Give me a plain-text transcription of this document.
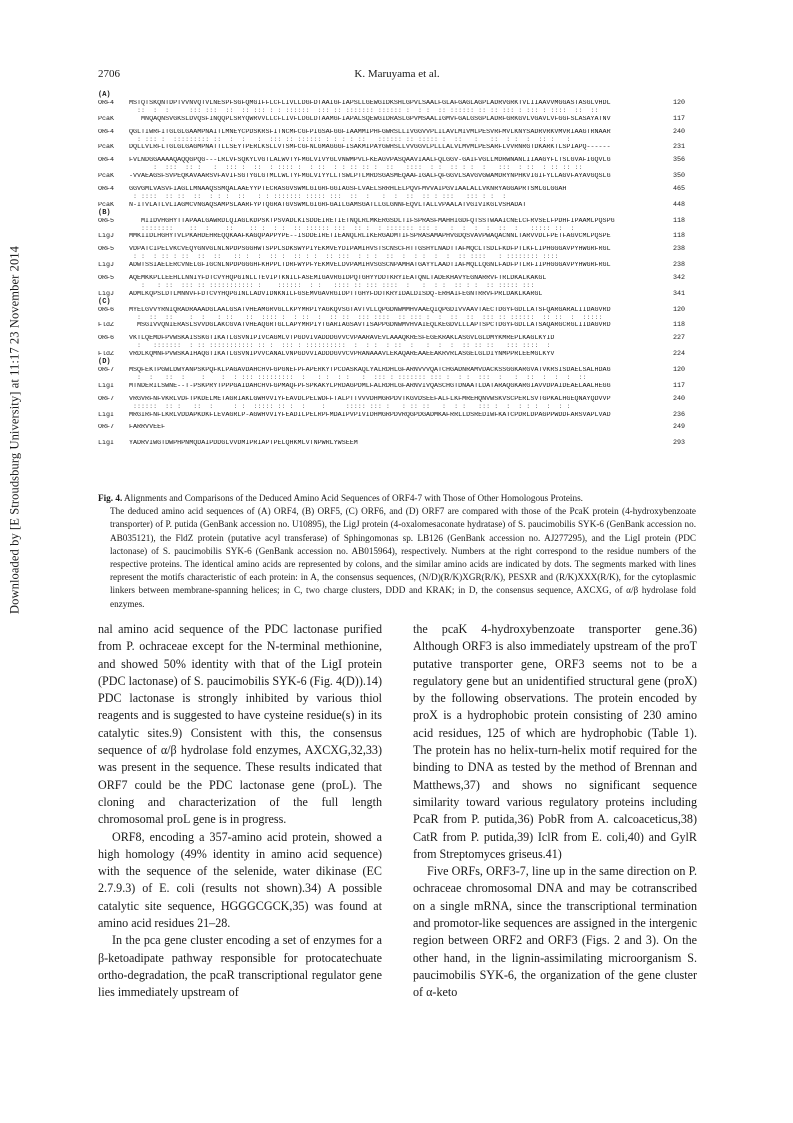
Downloaded by [E Stroudsburg University] at 11:17 23 November 2014
2706	K. Maruyama et al.
(A)
ORF4	MSTQTSKQNTDPTVVNVQTVLNESPFSGFQMGIFFLCFLIVLLDGFDTAAIGFIAPSLLGEWGIDKSHLGPVLSAALFGLAFGAGLAGPLADRVGRKTVLIIAAVVMGGASTASGLVHDL	120
::  :  :     ::: :::  ::  :: ::: : : ::::::  ::: :: ::::::: :::::: :  : :  :: :::::: :: :: ::: : ::: : ::::  ::  ::
PcaK	MNQAQNSVGKSLDVQSFINQQPLSRYQWRVVLLCFLIVFLDGLDTAAMGFIAPALSQEWGIDRASLGPVMSAALIGMVFGALGSGPLADRFGRKGVLVGAVLVFGGFSLASAYATNV	117
ORF4	QGLTIWRFITGLGLGAAMPNAITLMNEYCPDSKRSFITNCMFCGFPIGSAFGGFIAAMMIPHFGWRSLLIVGGVVPLILAVLMIVMLPESVRFMVLKNYSADRVRKVMVRIAAGTRNAAR	240
: ::: :  ::::::::: ::  :  :   :  ::: :: :::::: : : : : ::   :::::: :: ::::: :  ::   :   ::  : :  :  :: :   :
PcaK	DQLLVLRFLTGLGLGAGMPNATTLLSEYTPERLKSLLVTSMFCGFNLGMAGGGFISAKMIPAYGWHSLLVVGGVLPLLLALVLMVMLPESARFLVVRNRGTDKARKTLSPIAPQ------	231
ORF4	FVLNDGGAAAAQAQQGPQG---LRLVFSQKYLVGTLALWVTYFMGLVIVYGLVNWMPVLFKEAGVPASQAAVIAALFQLGGV-GAIFVGLLMDRWNANLIIAAGYFLTSLGVAFIGQVLG	356
:  :::  :: :   :  ::: :  ::  : :::: :  : ::  : : :: :: :  ::   ::::  : :  :: : :  :   :::  : ::  : :: :: ::
PcaK	-VVAEAGSFSVPEQKAVAARSVFAVIFSGTYGLGTMLLWLTYFMGLVIYYLLTSWLPTLMRDSGASMEQAAFIGALFQFGGVLSAVGVGWAMDRYNPHKVIGIFYLLAGVFAYAVGQSLG	350
ORF4	GGVGMLVASVFIAGLLMNAAQSSMQALAAEYYPTECRASGVSWMLGIGRFGGIAGSFLVAELSRRHLELPQVFMVVAIPGVIAALALLVKNRYAGGAPRTSMLGLGGAH	465
: ::::  :: ::  ::  : : :  ::   : : ::::::: ::::: :::  ::  :   :  :  ::  :: : :::   ::: : :  :
PcaK	N-ITVLATLVLIAGMCVNGAQSAMPSLAARFYPTQGRATGVSWMLGIGRFGAILGAMSGATLLGLGNNFEQVLTALLVPAALATVGIVIKGLVSHADAT	448
(B)
ORF5	MIIDVHGHYTTAPAALGAWRDLQIAGLKDPSKTPSVADLKISDDEIRETIETNQLRLMKERGSDLTIFSPRASFMAHHIGDFQTSSTWAAICNELCFRVSELFPDHFIPAAMLPQSPG	118
::::::::    ::  :    ::    :: :  : :  :: :::::: :::  :: :  : ::::::: ::: :   :  :  :  :  ::  :   ::::: ::  :
LigJ	MMKIIDLHGHYTVLPKAHDEHREQQKAAFKAGQPAPPYPE--ISDDEIRETIEANQLRLIKERGADMTIFSPRASAMAPHVGDQSVAVPWAQACNNLTARVVDLFPETFAGVCMLPQSPE	118
ORF5	VDPATCIPELVKCVEQYGNVGLNLNPDPSGGHWTSPPLSDKSWYPIYEKMVEYDIPAMIHVSTSCNSCFHTTGSHYLNADTTAFMQCLTSDLFKDFPTLKFLIPHGGGAVPYHWGRFRGL	238
: :  : :: : ::  ::  ::   :: :  :  :: :  :: : :  :: :::  : : :  ::  :  : :  :  :  :: ::::   : :::::::: ::::
LigJ	ADWTSSIAELERCVNELGFIGCNLNPDPGGGHFKHPPLTDRFWYPFYEKMVELDVPAMIHVSGSCNPAMHATGAYYLAADTIAFMQLLQGNLFADFPTLRFIIPHGGGAVPYHWGRFRGL	238
ORF5	AQEMKKPLLEEHLLNNIYFDTCVYHQPGINLLTEVIPTKNILFASEMIGAVRGIDPQTGHYYDDTKRYIEATQNLTADEKHAVYEGNARRVFTRLDKALKAKGL	342
:   : ::  ::: :: ::::::::::: :    ::::::  : :   :::: :: ::: ::::  :   :  : :  :: : :  :: ::::: :::
LigJ	ADMLKQPSLDTLMNNVFFDTCVYHQPGINLLADVIDNKNILFGSEMVGAVRGIDPTTGHYFDDTKRYIDALDISDQ-ERHAIFEGNTRRVFPRLDAKLKARGL	341
(C)
ORF6	MYELGVVYRNIQRADRAAADGLAALGSATVHEAMGRVGLLKPYMRPIYAGKQVSGTAVTVLLQPGDNWMMHVAAEQIQPGDIVVAAVTAECTDGYFGDLLATSFQARGARALIIDAGVRD	120
:  ::  ::    :  :   : ::   ::  :::: :  : ::  :  :: ::  ::: ::::  :: ::: :  :  ::  ::  ::: :: ::::::  :: ::  :  :::::
FldZ	MSGIVVQNIERASLSVVDGLAKCGVATVHEAQGRTGLLAPYMRPIYTGARIAGSAVTISAPPGDNWMVHVAIEQLKEGDVLLLAPTSPCTDGYFGDLLATSAQARGCRGLIIDAGVRD	118
ORF6	VKTLQEMDFPVWSKAISSKGTIKATLGSVNIPIVCAGMLVTPGDVIVADDDGVVCVPAARAVEVLAAAQKRESFEGEKRAKLASGVLGLDMYKMREPLKAGLKYID	227
:   :::::::  : :: ::::::::::: :: :  ::: : ::::::::::  :  : :  : ::  :   :  :  :  :: :: ::   ::: ::::  :
FldZ	VRDLKQMNFPVWSKAIHAQGTIKATLGSVNIPVVCANALVNPGDVVIADDDGVVCVPRANAAAVLEKAQAREAAEEAKRVRLASGELGLDIYNMPPRLEEMGLKYV	224
(D)
ORF7	MSQFEKTPGWLDWYANPSKPQFKLPAGAVDAHCHVFGPGNEFPFAPERKYTPCDASKAQLYALRDHLGFARNVVVQATCHGADNRAMVDACKSSGGKARGVATVKRSISDAELSALHDAG	120
:  :   ::  :    :    :  : ::: :::::::::  :   : :  : :   :  ::: : ::::::: ::: :  : :  :::  :   :  ::  :  :  :  ::
LigI	MTNDERILSWNE--T-PSKPRYTPPPGAIDAHCHVFGPMAQFPFSPKAKYLPRDAGPDMLFALRDHLGFARNVIVQASCHGTDNAATLDATARAQGKARGIAVVDPAIDEAELAALHEGG	117
ORF7	VRGVRFNFVKRLVDFTPKDELMETAGRIAKLGWHVVIYFEAVDLPELWDFFTALPTTVVVDHMGRPDVTKGVDSEEFALFLKFMREHQNVWSKVSCPERLSVTGPKALHGEQNAYQDVVP	240
::::::  :: :   ::  :     : :  ::::: :: :  :    :     ::::: ::: :   : :: ::   :  : :   ::: :  :  : : :  :  : :
LigI	MRGIRFNFLKRLVDDAPKDKFLEVAGRLP-AGWHVVIYFEADILPELRPFMDAIPVPIVIDHMGRPDVRQGPDGADMKAFRRLLDSREDIWFKATCPDRLDPAGPPWDDFARSVAPLVAD	236
ORF7	FARRVVEEF	249
LigI	YADRVIWGTDWPHPNMQDAIPDDGLVVDMIPRIAPTPELQHKMLVTNPWRLYWSEEM	293
Fig. 4. Alignments and Comparisons of the Deduced Amino Acid Sequences of ORF4-7 with Those of Other Homologous Proteins.
The deduced amino acid sequences of (A) ORF4, (B) ORF5, (C) ORF6, and (D) ORF7 are compared with those of the PcaK protein (4-hydroxybenzoate transporter) of P. putida (GenBank accession no. U10895), the LigJ protein (4-oxalomesaconate hydratase) of S. paucimobilis SYK-6 (GenBank accession no. AB035121), the FldZ protein (putative acyl transferase) of Sphingomonas sp. LB126 (GenBank accession no. AJ277295), and the LigI protein (PDC lactonase) of S. paucimobilis SYK-6 (GenBank accession no. AB015964), respectively. Numbers at the right correspond to the residue numbers of the respective proteins. The identical amino acids are represented by colons, and the similar amino acids are indicated by dots. The segments marked with lines represent the motifs characteristic of each protein: in A, the consensus sequences, (N/D)(R/K)XGR(R/K), PESXR and (R/K)XXX(R/K), for the cytoplasmic linkers between membrane-spanning helices; in C, two charge clusters, DDD and KRAK; in D, the consensus sequence, AXCXG, of α/β hydrolase fold enzymes.

nal amino acid sequence of the PDC lactonase purified from P. ochraceae except for the N-terminal methionine, and showed 50% identity with that of the LigI protein (PDC lactonase) of S. paucimobilis SYK-6 (Fig. 4(D)).14) PDC lactonase is strongly inhibited by various thiol reagents and is suggested to have cysteine residue(s) in its catalytic sites.9) Consistent with this, the consensus sequence of α/β hydrolase fold enzymes, AXCXG,32,33) was present in the sequence. These results indicated that ORF7 could be the PDC lactonase gene (proL). The cloning and characterization of the full length chromosomal proL gene is in progress.

ORF8, encoding a 357-amino acid protein, showed a high homology (49% identity in amino acid sequence) with the sequence of the selenide, water dikinase (EC 2.7.9.3) of E. coli (results not shown).34) A possible catalytic site sequence, HGGGCGCK,35) was found at amino acid residues 21–28.

In the pca gene cluster encoding a set of enzymes for a β-ketoadipate pathway responsible for protocatechuate ortho-degradation, the pcaR transcriptional regulator gene lies immediately upstream of

the pcaK 4-hydroxybenzoate transporter gene.36) Although ORF3 is also immediately upstream of the proT putative transporter gene, ORF3 seems not to be a regulatory gene but an unidentified structural gene (proX) by the following observations. The protein encoded by proX is a hydrophobic protein consisting of 230 amino acid residues, 125 of which are hydrophobic (Table 1). The protein has no helix-turn-helix motif required for the binding to DNA as tested by the method of Brennan and Matthews,37) and shows no significant sequence similarity toward various regulatory proteins including PcaR from P. putida,36) PobR from A. calcoaceticus,38) CatR from P. putida,39) IclR from E. coli,40) and GylR from Streptomyces griseus.41)

Five ORFs, ORF3-7, line up in the same direction on P. ochraceae chromosomal DNA and may be cotranscribed on a single mRNA, since the transcriptional termination and promotor-like sequences are assigned in the intergenic region between ORF2 and ORF3 (Figs. 2 and 3). On the other hand, in the lignin-assimilating microorganism S. paucimobilis SYK-6, the organization of the gene cluster of α-keto
